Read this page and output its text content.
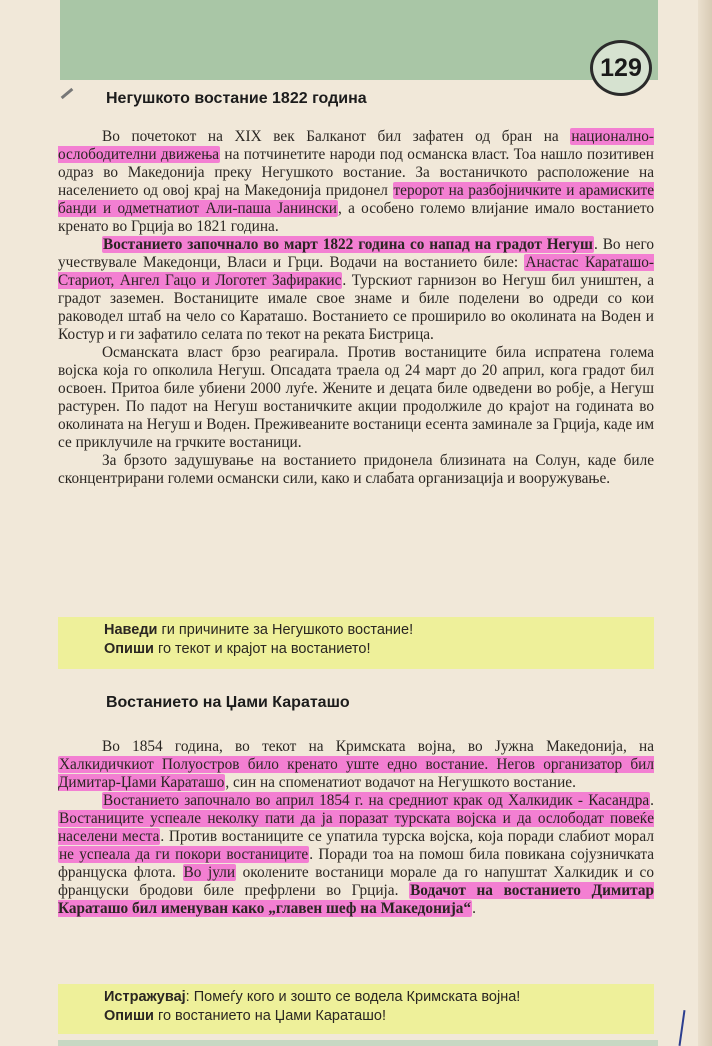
129
Негушкото востание 1822 година

Во почетокот на XIX век Балканот бил зафатен од бран на национално-ослободителни движења на потчинетите народи под османска власт. Тоа нашло позитивен одраз во Македонија преку Негушкото востание. За востаничкото расположение на населението од овој крај на Македонија придонел теророт на разбојничките и арамиските банди и одметнатиот Али-паша Јанински, а особено големо влијание имало востанието кренато во Грција во 1821 година.

Востанието започнало во март 1822 година со напад на градот Негуш. Во него учествувале Македонци, Власи и Грци. Водачи на востанието биле: Анастас Караташо-Стариот, Ангел Гацо и Логотет Зафиракис. Турскиот гарнизон во Негуш бил уништен, а градот заземен. Востаниците имале свое знаме и биле поделени во одреди со кои раководел штаб на чело со Караташо. Востанието се проширило во околината на Воден и Костур и ги зафатило селата по текот на реката Бистрица.

Османската власт брзо реагирала. Против востаниците била испратена голема војска која го опколила Негуш. Опсадата траела од 24 март до 20 април, кога градот бил освоен. Притоа биле убиени 2000 луѓе. Жените и децата биле одведени во робје, а Негуш растурен. По падот на Негуш востаничките акции продолжиле до крајот на годината во околината на Негуш и Воден. Преживеаните востаници есента заминале за Грција, каде им се приклучиле на грчките востаници.

За брзото задушување на востанието придонела близината на Солун, каде биле сконцентрирани големи османски сили, како и слабата организација и вооружување.

Наведи ги причините за Негушкото востание!

Опиши го текот и крајот на востанието!

Востанието на Џами Караташо

Во 1854 година, во текот на Кримската војна, во Јужна Македонија, на Халкидичкиот Полуостров било кренато уште едно востание. Негов организатор бил Димитар-Џами Караташо, син на споменатиот водачот на Негушкото востание.

Востанието започнало во април 1854 г. на средниот крак од Халкидик - Касандра. Востаниците успеале неколку пати да ја поразат турската војска и да ослободат повеќе населени места. Против востаниците се упатила турска војска, која поради слабиот морал не успеала да ги покори востаниците. Поради тоа на помош била повикана сојузничката француска флота. Во јули околените востаници морале да го напуштат Халкидик и со француски бродови биле префрлени во Грција. Водачот на востанието Димитар Караташо бил именуван како „главен шеф на Македонија“.

Истражувај: Помеѓу кого и зошто се водела Кримската војна!

Опиши го востанието на Џами Караташо!
